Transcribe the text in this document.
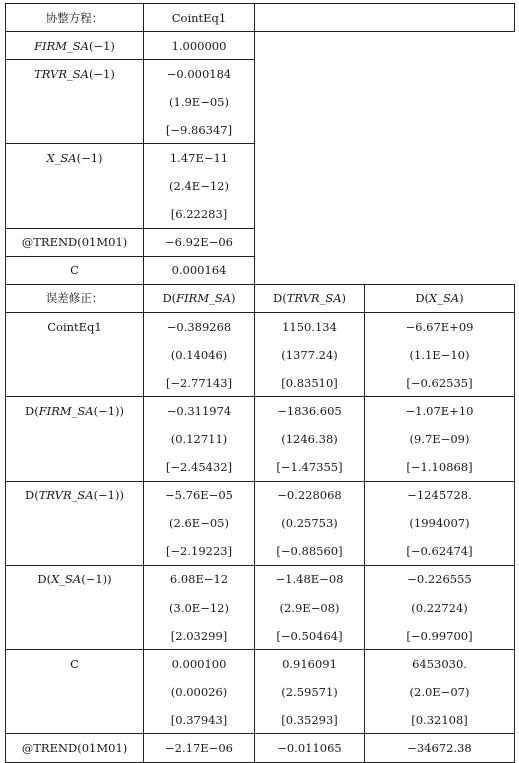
协整方程：	CointEq1		
FIRM_SA(−1)	1.000000		
TRVR_SA(−1)	−0.000184		
	(1.9E−05)		
	[−9.86347]		
X_SA(−1)	1.47E−11		
	(2.4E−12)		
	[6.22283]		
@TREND(01M01)	−6.92E−06		
C	0.000164		
误差修正：	D(FIRM_SA)	D(TRVR_SA)	D(X_SA)
CointEq1	−0.389268	1150.134	−6.67E+09
	(0.14046)	(1377.24)	(1.1E−10)
	[−2.77143]	[0.83510]	[−0.62535]
D(FIRM_SA(−1))	−0.311974	−1836.605	−1.07E+10
	(0.12711)	(1246.38)	(9.7E−09)
	[−2.45432]	[−1.47355]	[−1.10868]
D(TRVR_SA(−1))	−5.76E−05	−0.228068	−1245728.
	(2.6E−05)	(0.25753)	(1994007)
	[−2.19223]	[−0.88560]	[−0.62474]
D(X_SA(−1))	6.08E−12	−1.48E−08	−0.226555
	(3.0E−12)	(2.9E−08)	(0.22724)
	[2.03299]	[−0.50464]	[−0.99700]
C	0.000100	0.916091	6453030.
	(0.00026)	(2.59571)	(2.0E−07)
	[0.37943]	[0.35293]	[0.32108]
@TREND(01M01)	−2.17E−06	−0.011065	−34672.38
